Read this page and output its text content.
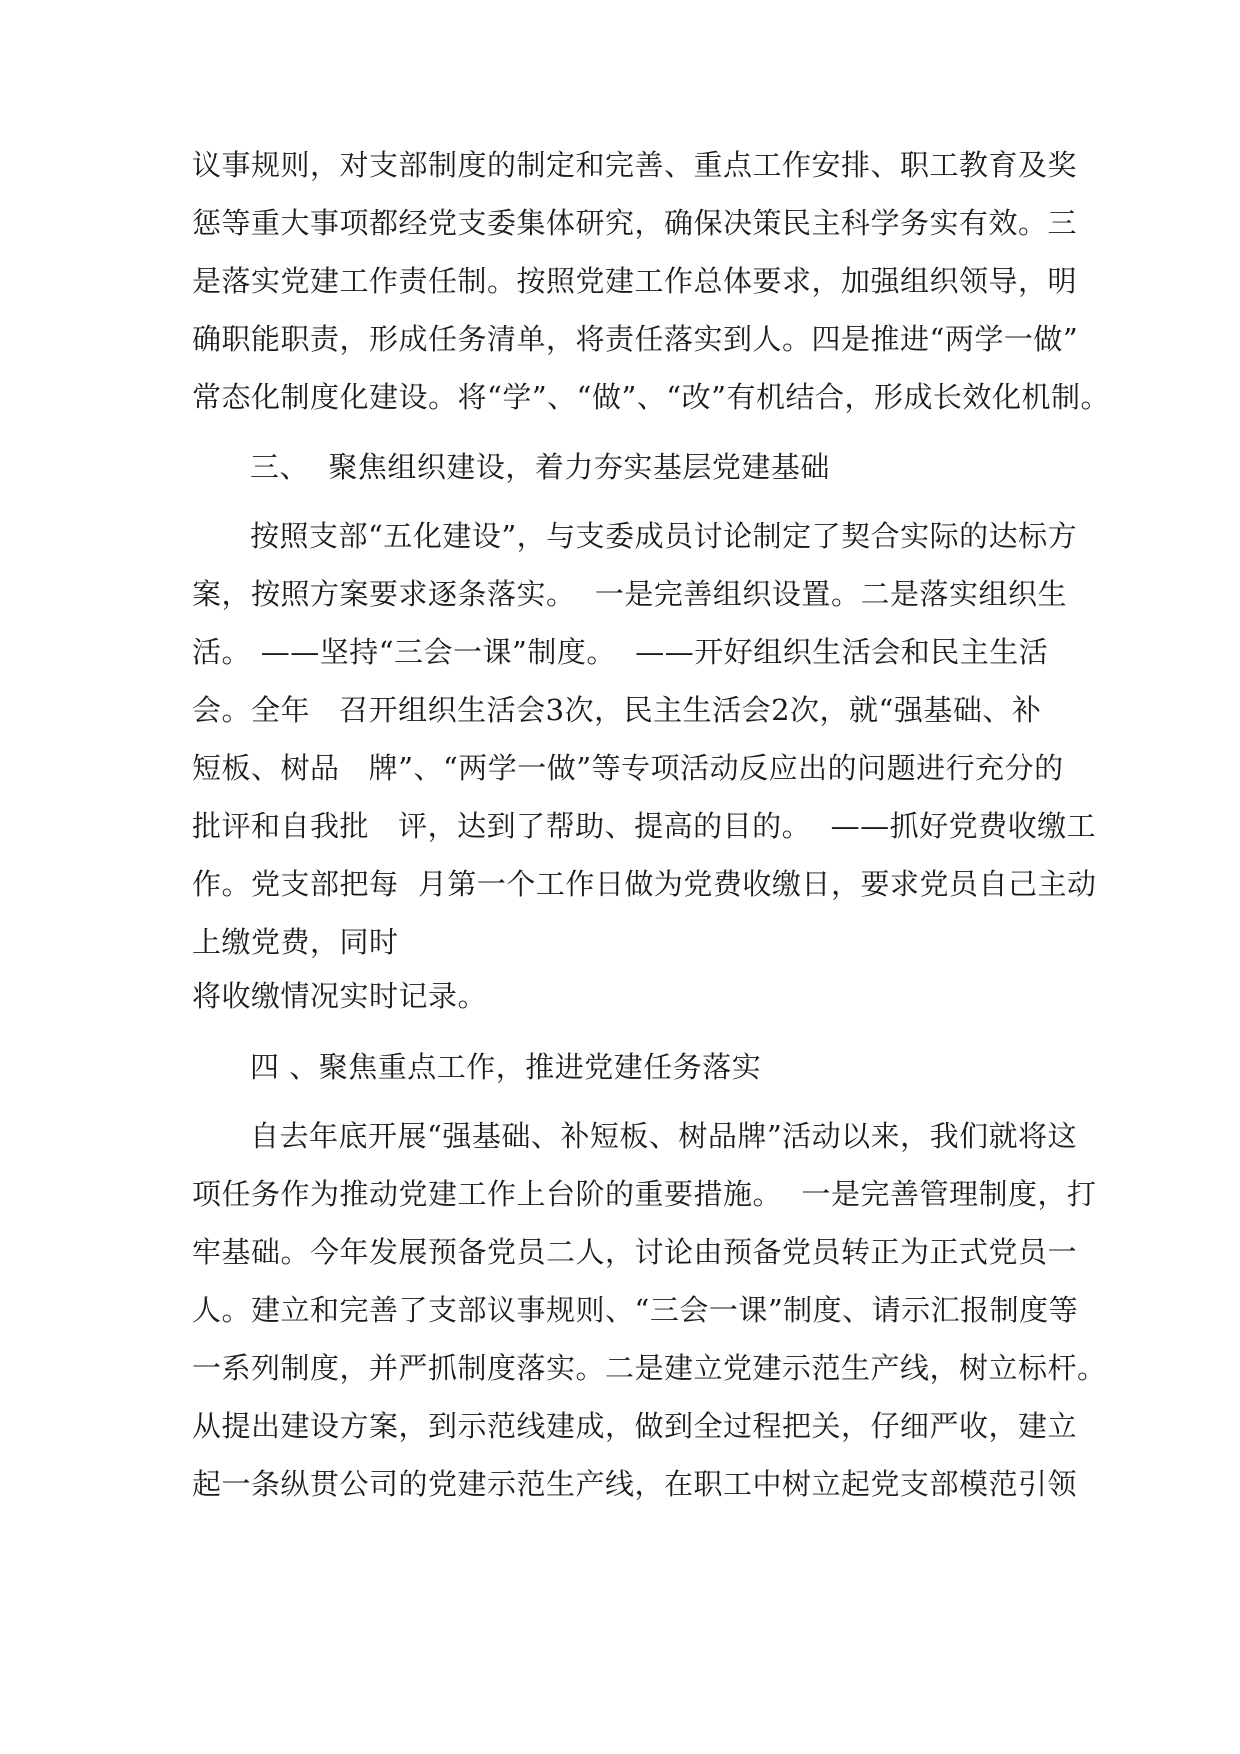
议事规则，对支部制度的制定和完善、重点工作安排、职工教育及奖
惩等重大事项都经党支委集体研究，确保决策民主科学务实有效。三
是落实党建工作责任制。按照党建工作总体要求，加强组织领导，明
确职能职责，形成任务清单，将责任落实到人。四是推进“两学一做”
常态化制度化建设。将“学”、“做”、“改”有机结合，形成长效化机制。
三、  聚焦组织建设，着力夯实基层党建基础
按照支部“五化建设”，与支委成员讨论制定了契合实际的达标方
案，按照方案要求逐条落实。  一是完善组织设置。二是落实组织生
活。 ——坚持“三会一课”制度。  ——开好组织生活会和民主生活
会。全年   召开组织生活会3次，民主生活会2次，就“强基础、补
短板、树品   牌”、“两学一做”等专项活动反应出的问题进行充分的
批评和自我批   评，达到了帮助、提高的目的。  ——抓好党费收缴工
作。党支部把每  月第一个工作日做为党费收缴日，要求党员自己主动
上缴党费，同时
将收缴情况实时记录。
四 、聚焦重点工作，推进党建任务落实
自去年底开展“强基础、补短板、树品牌”活动以来，我们就将这
项任务作为推动党建工作上台阶的重要措施。  一是完善管理制度，打
牢基础。今年发展预备党员二人，讨论由预备党员转正为正式党员一
人。建立和完善了支部议事规则、“三会一课”制度、请示汇报制度等
一系列制度，并严抓制度落实。二是建立党建示范生产线，树立标杆。
从提出建设方案，到示范线建成，做到全过程把关，仔细严收，建立
起一条纵贯公司的党建示范生产线，在职工中树立起党支部模范引领
